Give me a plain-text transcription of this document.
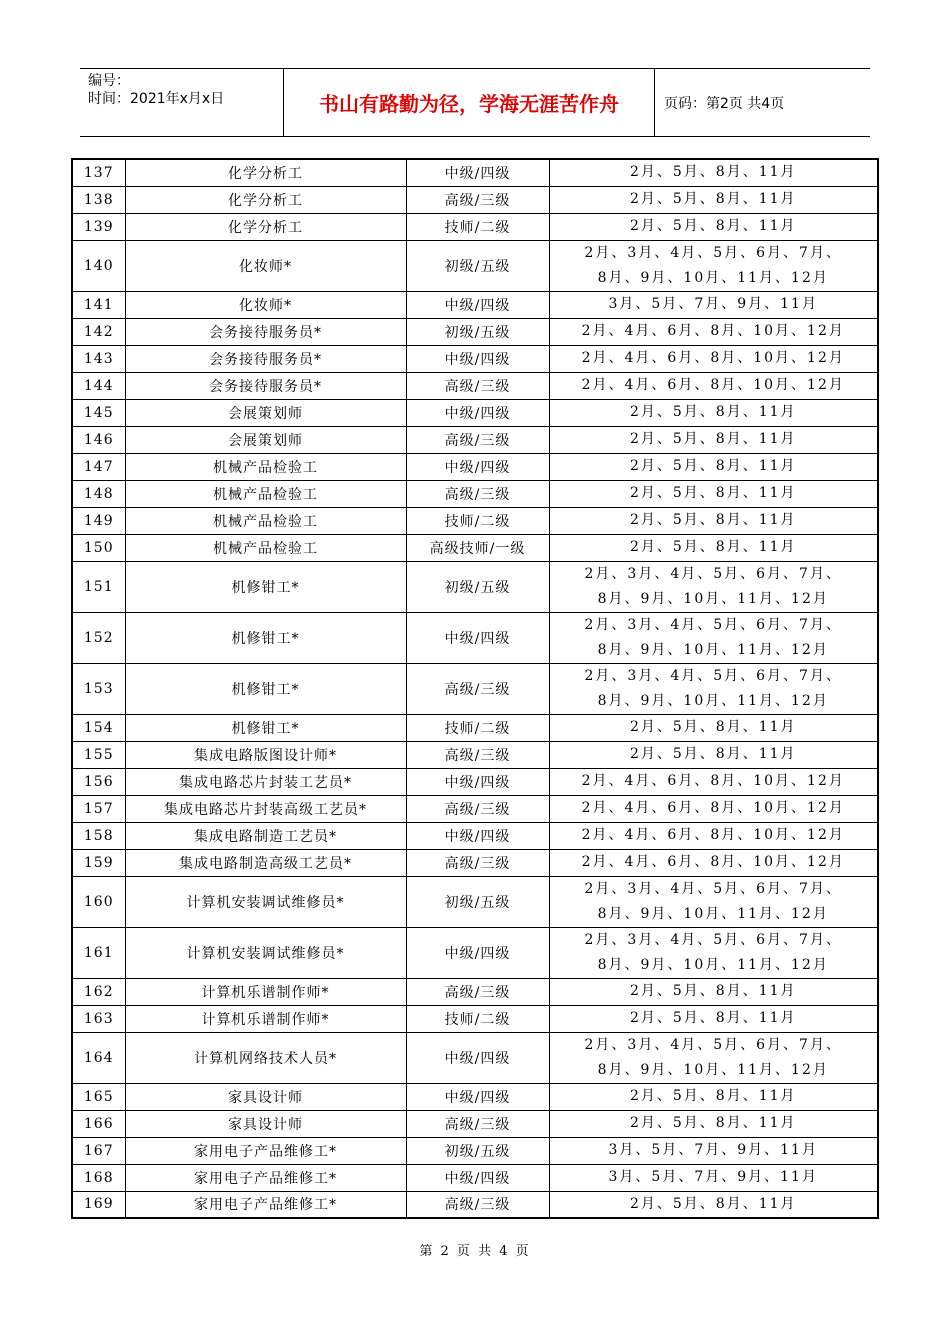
编号：
时间：2021年x月x日	书山有路勤为径，学海无涯苦作舟	页码：第2页 共4页
137	化学分析工	中级/四级	2月、5月、8月、11月
138	化学分析工	高级/三级	2月、5月、8月、11月
139	化学分析工	技师/二级	2月、5月、8月、11月
140	化妆师*	初级/五级	2月、3月、4月、5月、6月、7月、
8月、9月、10月、11月、12月
141	化妆师*	中级/四级	3月、5月、7月、9月、11月
142	会务接待服务员*	初级/五级	2月、4月、6月、8月、10月、12月
143	会务接待服务员*	中级/四级	2月、4月、6月、8月、10月、12月
144	会务接待服务员*	高级/三级	2月、4月、6月、8月、10月、12月
145	会展策划师	中级/四级	2月、5月、8月、11月
146	会展策划师	高级/三级	2月、5月、8月、11月
147	机械产品检验工	中级/四级	2月、5月、8月、11月
148	机械产品检验工	高级/三级	2月、5月、8月、11月
149	机械产品检验工	技师/二级	2月、5月、8月、11月
150	机械产品检验工	高级技师/一级	2月、5月、8月、11月
151	机修钳工*	初级/五级	2月、3月、4月、5月、6月、7月、
8月、9月、10月、11月、12月
152	机修钳工*	中级/四级	2月、3月、4月、5月、6月、7月、
8月、9月、10月、11月、12月
153	机修钳工*	高级/三级	2月、3月、4月、5月、6月、7月、
8月、9月、10月、11月、12月
154	机修钳工*	技师/二级	2月、5月、8月、11月
155	集成电路版图设计师*	高级/三级	2月、5月、8月、11月
156	集成电路芯片封装工艺员*	中级/四级	2月、4月、6月、8月、10月、12月
157	集成电路芯片封装高级工艺员*	高级/三级	2月、4月、6月、8月、10月、12月
158	集成电路制造工艺员*	中级/四级	2月、4月、6月、8月、10月、12月
159	集成电路制造高级工艺员*	高级/三级	2月、4月、6月、8月、10月、12月
160	计算机安装调试维修员*	初级/五级	2月、3月、4月、5月、6月、7月、
8月、9月、10月、11月、12月
161	计算机安装调试维修员*	中级/四级	2月、3月、4月、5月、6月、7月、
8月、9月、10月、11月、12月
162	计算机乐谱制作师*	高级/三级	2月、5月、8月、11月
163	计算机乐谱制作师*	技师/二级	2月、5月、8月、11月
164	计算机网络技术人员*	中级/四级	2月、3月、4月、5月、6月、7月、
8月、9月、10月、11月、12月
165	家具设计师	中级/四级	2月、5月、8月、11月
166	家具设计师	高级/三级	2月、5月、8月、11月
167	家用电子产品维修工*	初级/五级	3月、5月、7月、9月、11月
168	家用电子产品维修工*	中级/四级	3月、5月、7月、9月、11月
169	家用电子产品维修工*	高级/三级	2月、5月、8月、11月
第 2 页 共 4 页
